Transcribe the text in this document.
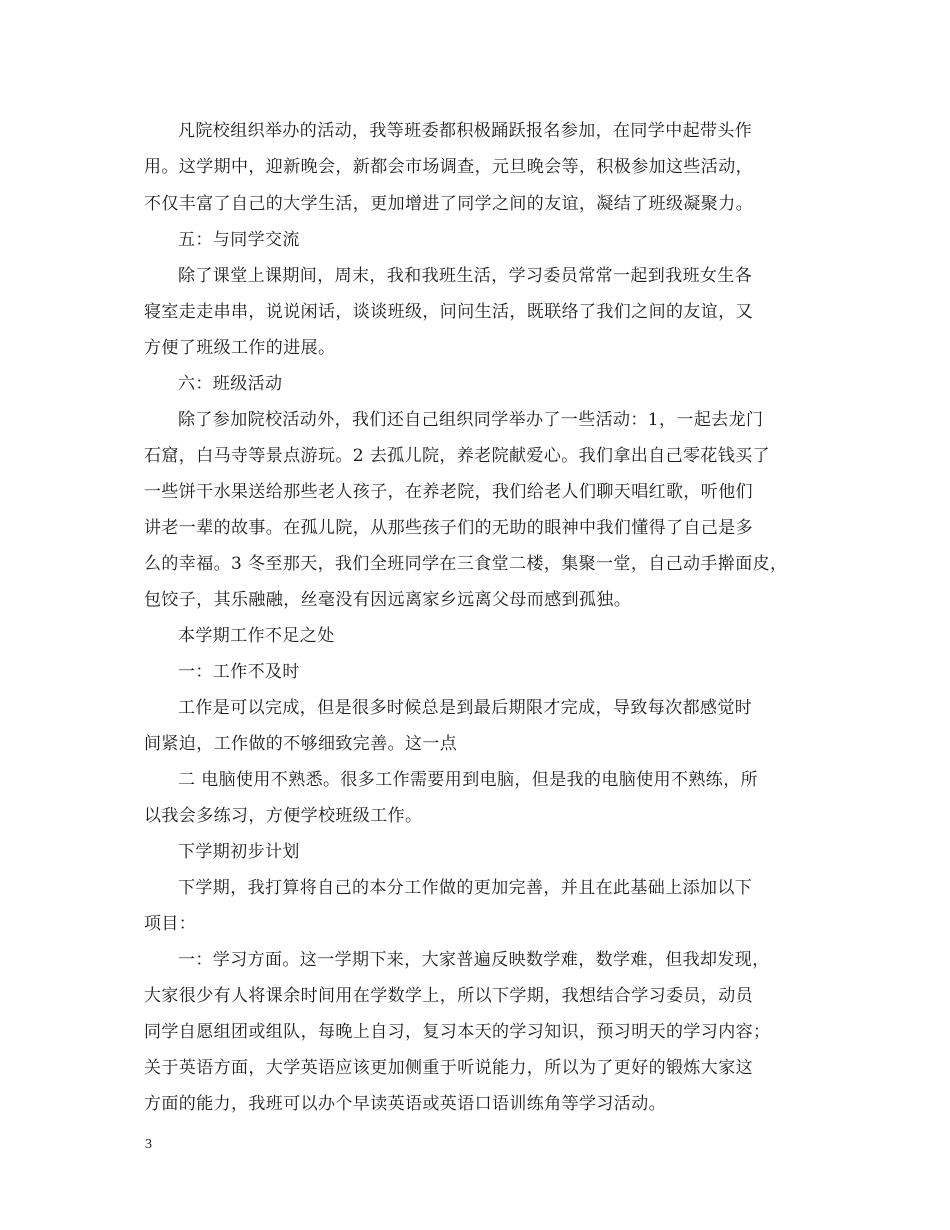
凡院校组织举办的活动，我等班委都积极踊跃报名参加，在同学中起带头作
用。这学期中，迎新晚会，新都会市场调查，元旦晚会等，积极参加这些活动，
不仅丰富了自己的大学生活，更加增进了同学之间的友谊，凝结了班级凝聚力。
五：与同学交流
除了课堂上课期间，周末，我和我班生活，学习委员常常一起到我班女生各
寝室走走串串，说说闲话，谈谈班级，问问生活，既联络了我们之间的友谊，又
方便了班级工作的进展。
六：班级活动
除了参加院校活动外，我们还自己组织同学举办了一些活动：1，一起去龙门
石窟，白马寺等景点游玩。2 去孤儿院，养老院献爱心。我们拿出自己零花钱买了
一些饼干水果送给那些老人孩子，在养老院，我们给老人们聊天唱红歌，听他们
讲老一辈的故事。在孤儿院，从那些孩子们的无助的眼神中我们懂得了自己是多
么的幸福。3 冬至那天，我们全班同学在三食堂二楼，集聚一堂，自己动手擀面皮，
包饺子，其乐融融，丝毫没有因远离家乡远离父母而感到孤独。
本学期工作不足之处
一：工作不及时
工作是可以完成，但是很多时候总是到最后期限才完成，导致每次都感觉时
间紧迫，工作做的不够细致完善。这一点
二 电脑使用不熟悉。很多工作需要用到电脑，但是我的电脑使用不熟练，所
以我会多练习，方便学校班级工作。
下学期初步计划
下学期，我打算将自己的本分工作做的更加完善，并且在此基础上添加以下
项目：
一：学习方面。这一学期下来，大家普遍反映数学难，数学难，但我却发现，
大家很少有人将课余时间用在学数学上，所以下学期，我想结合学习委员，动员
同学自愿组团或组队，每晚上自习，复习本天的学习知识，预习明天的学习内容；
关于英语方面，大学英语应该更加侧重于听说能力，所以为了更好的锻炼大家这
方面的能力，我班可以办个早读英语或英语口语训练角等学习活动。
3
